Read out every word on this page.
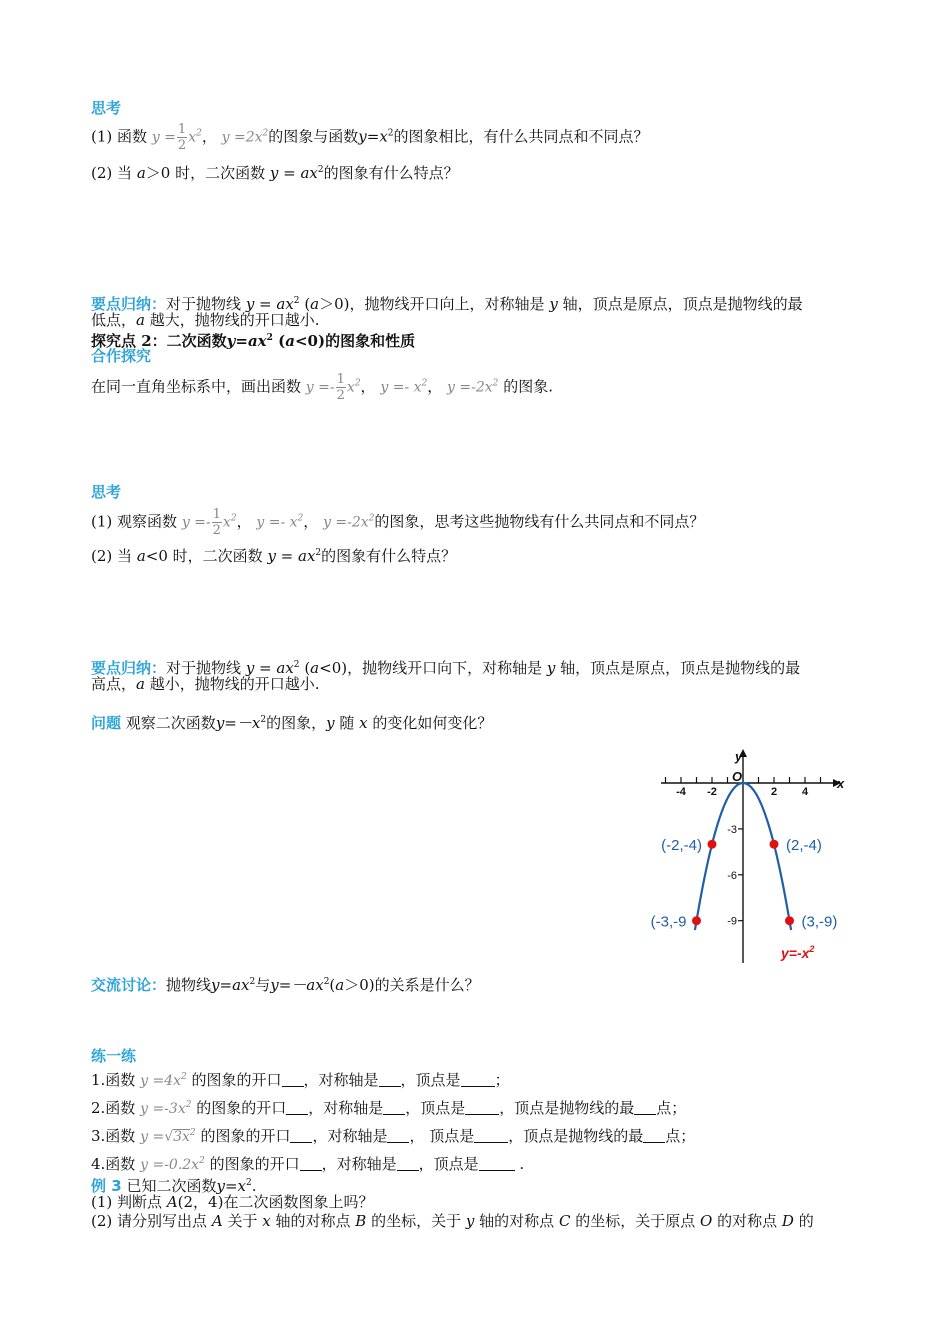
思考
(1) 函数 $y = \frac{1}{2} x^2$， $y =2x^2$的图象与函数$y=x^2$的图象相比，有什么共同点和不同点？
(2) 当 a＞0 时，二次函数 $y = ax^2$的图象有什么特点？
要点归纳：对于抛物线 $y = ax^2$ (a＞0)，抛物线开口向上，对称轴是 y 轴，顶点是原点，顶点是抛物线的最
低点，a 越大，抛物线的开口越小.
探究点 2：二次函数$y=ax^2$ (a<0)的图象和性质
合作探究
在同一直角坐标系中，画出函数 $y =- \frac{1}{2} x^2$， $y =- x^2$， $y =-2x^2$ 的图象.
思考
(1) 观察函数 $y =- \frac{1}{2} x^2$， $y =- x^2$， $y =-2x^2$的图象，思考这些抛物线有什么共同点和不同点？
(2) 当 a<0 时，二次函数 $y = ax^2$的图象有什么特点？
要点归纳：对于抛物线 $y = ax^2$ (a<0)，抛物线开口向下，对称轴是 y 轴，顶点是原点，顶点是抛物线的最
高点，a 越小，抛物线的开口越小.
问题 观察二次函数$y=-x^2$的图象，y 随 x 的变化如何变化？
x
y
O
-4 -2	2 4
-3
-6
-9
(-2,-4)	(2,-4)
(-3,-9	(3,-9)
$y=-x^2$
交流讨论：抛物线$y=ax^2$与$y=-ax^2(a>0)$的关系是什么？
练一练
1.函数 $y =4x^2$ 的图象的开口 ，对称轴是 ，顶点是 ；
2.函数 $y =-3x^2$ 的图象的开口 ，对称轴是 ，顶点是 ，顶点是抛物线的最 点；
3.函数 $y =√3x^2$ 的图象的开口 ，对称轴是 ， 顶点是 ，顶点是抛物线的最 点；
4.函数 $y =-0.2x^2$ 的图象的开口 ，对称轴是 ，顶点是	.
例 3 已知二次函数$y=x^2$.
(1) 判断点 A(2，4)在二次函数图象上吗？
(2) 请分别写出点 A 关于 x 轴的对称点 B 的坐标，关于 y 轴的对称点 C 的坐标，关于原点 O 的对称点 D 的
